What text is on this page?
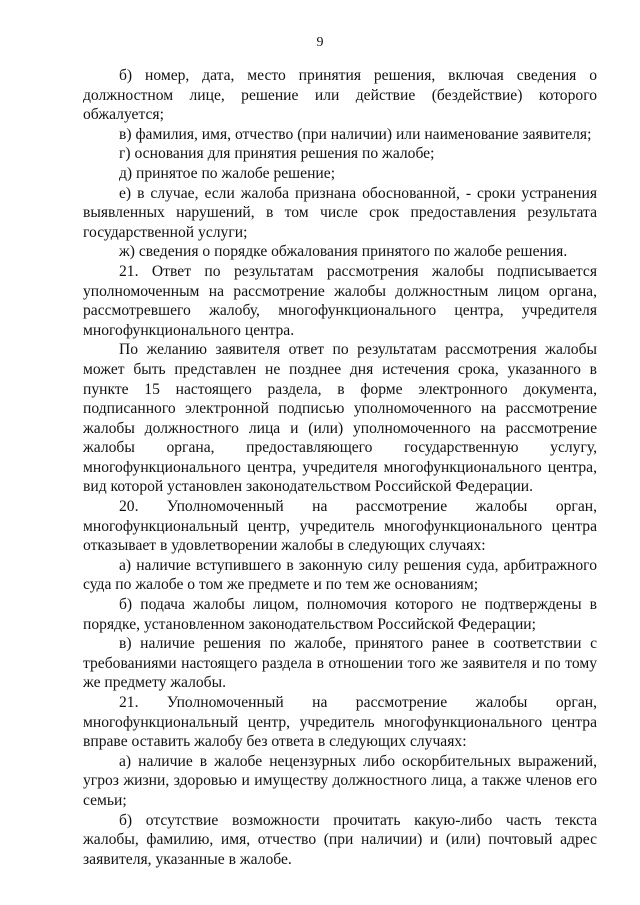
9

б) номер, дата, место принятия решения, включая сведения о должностном лице, решение или действие (бездействие) которого обжалуется;

в) фамилия, имя, отчество (при наличии) или наименование заявителя;

г) основания для принятия решения по жалобе;

д) принятое по жалобе решение;

е) в случае, если жалоба признана обоснованной, - сроки устранения выявленных нарушений, в том числе срок предоставления результата государственной услуги;

ж) сведения о порядке обжалования принятого по жалобе решения.

21. Ответ по результатам рассмотрения жалобы подписывается уполномоченным на рассмотрение жалобы должностным лицом органа, рассмотревшего жалобу, многофункционального центра, учредителя многофункционального центра.

По желанию заявителя ответ по результатам рассмотрения жалобы может быть представлен не позднее дня истечения срока, указанного в пункте 15 настоящего раздела, в форме электронного документа, подписанного электронной подписью уполномоченного на рассмотрение жалобы должностного лица и (или) уполномоченного на рассмотрение жалобы органа, предоставляющего государственную услугу, многофункционального центра, учредителя многофункционального центра, вид которой установлен законодательством Российской Федерации.

20. Уполномоченный на рассмотрение жалобы орган, многофункциональный центр, учредитель многофункционального центра отказывает в удовлетворении жалобы в следующих случаях:

а) наличие вступившего в законную силу решения суда, арбитражного суда по жалобе о том же предмете и по тем же основаниям;

б) подача жалобы лицом, полномочия которого не подтверждены в порядке, установленном законодательством Российской Федерации;

в) наличие решения по жалобе, принятого ранее в соответствии с требованиями настоящего раздела в отношении того же заявителя и по тому же предмету жалобы.

21. Уполномоченный на рассмотрение жалобы орган, многофункциональный центр, учредитель многофункционального центра вправе оставить жалобу без ответа в следующих случаях:

а) наличие в жалобе нецензурных либо оскорбительных выражений, угроз жизни, здоровью и имуществу должностного лица, а также членов его семьи;

б) отсутствие возможности прочитать какую-либо часть текста жалобы, фамилию, имя, отчество (при наличии) и (или) почтовый адрес заявителя, указанные в жалобе.
